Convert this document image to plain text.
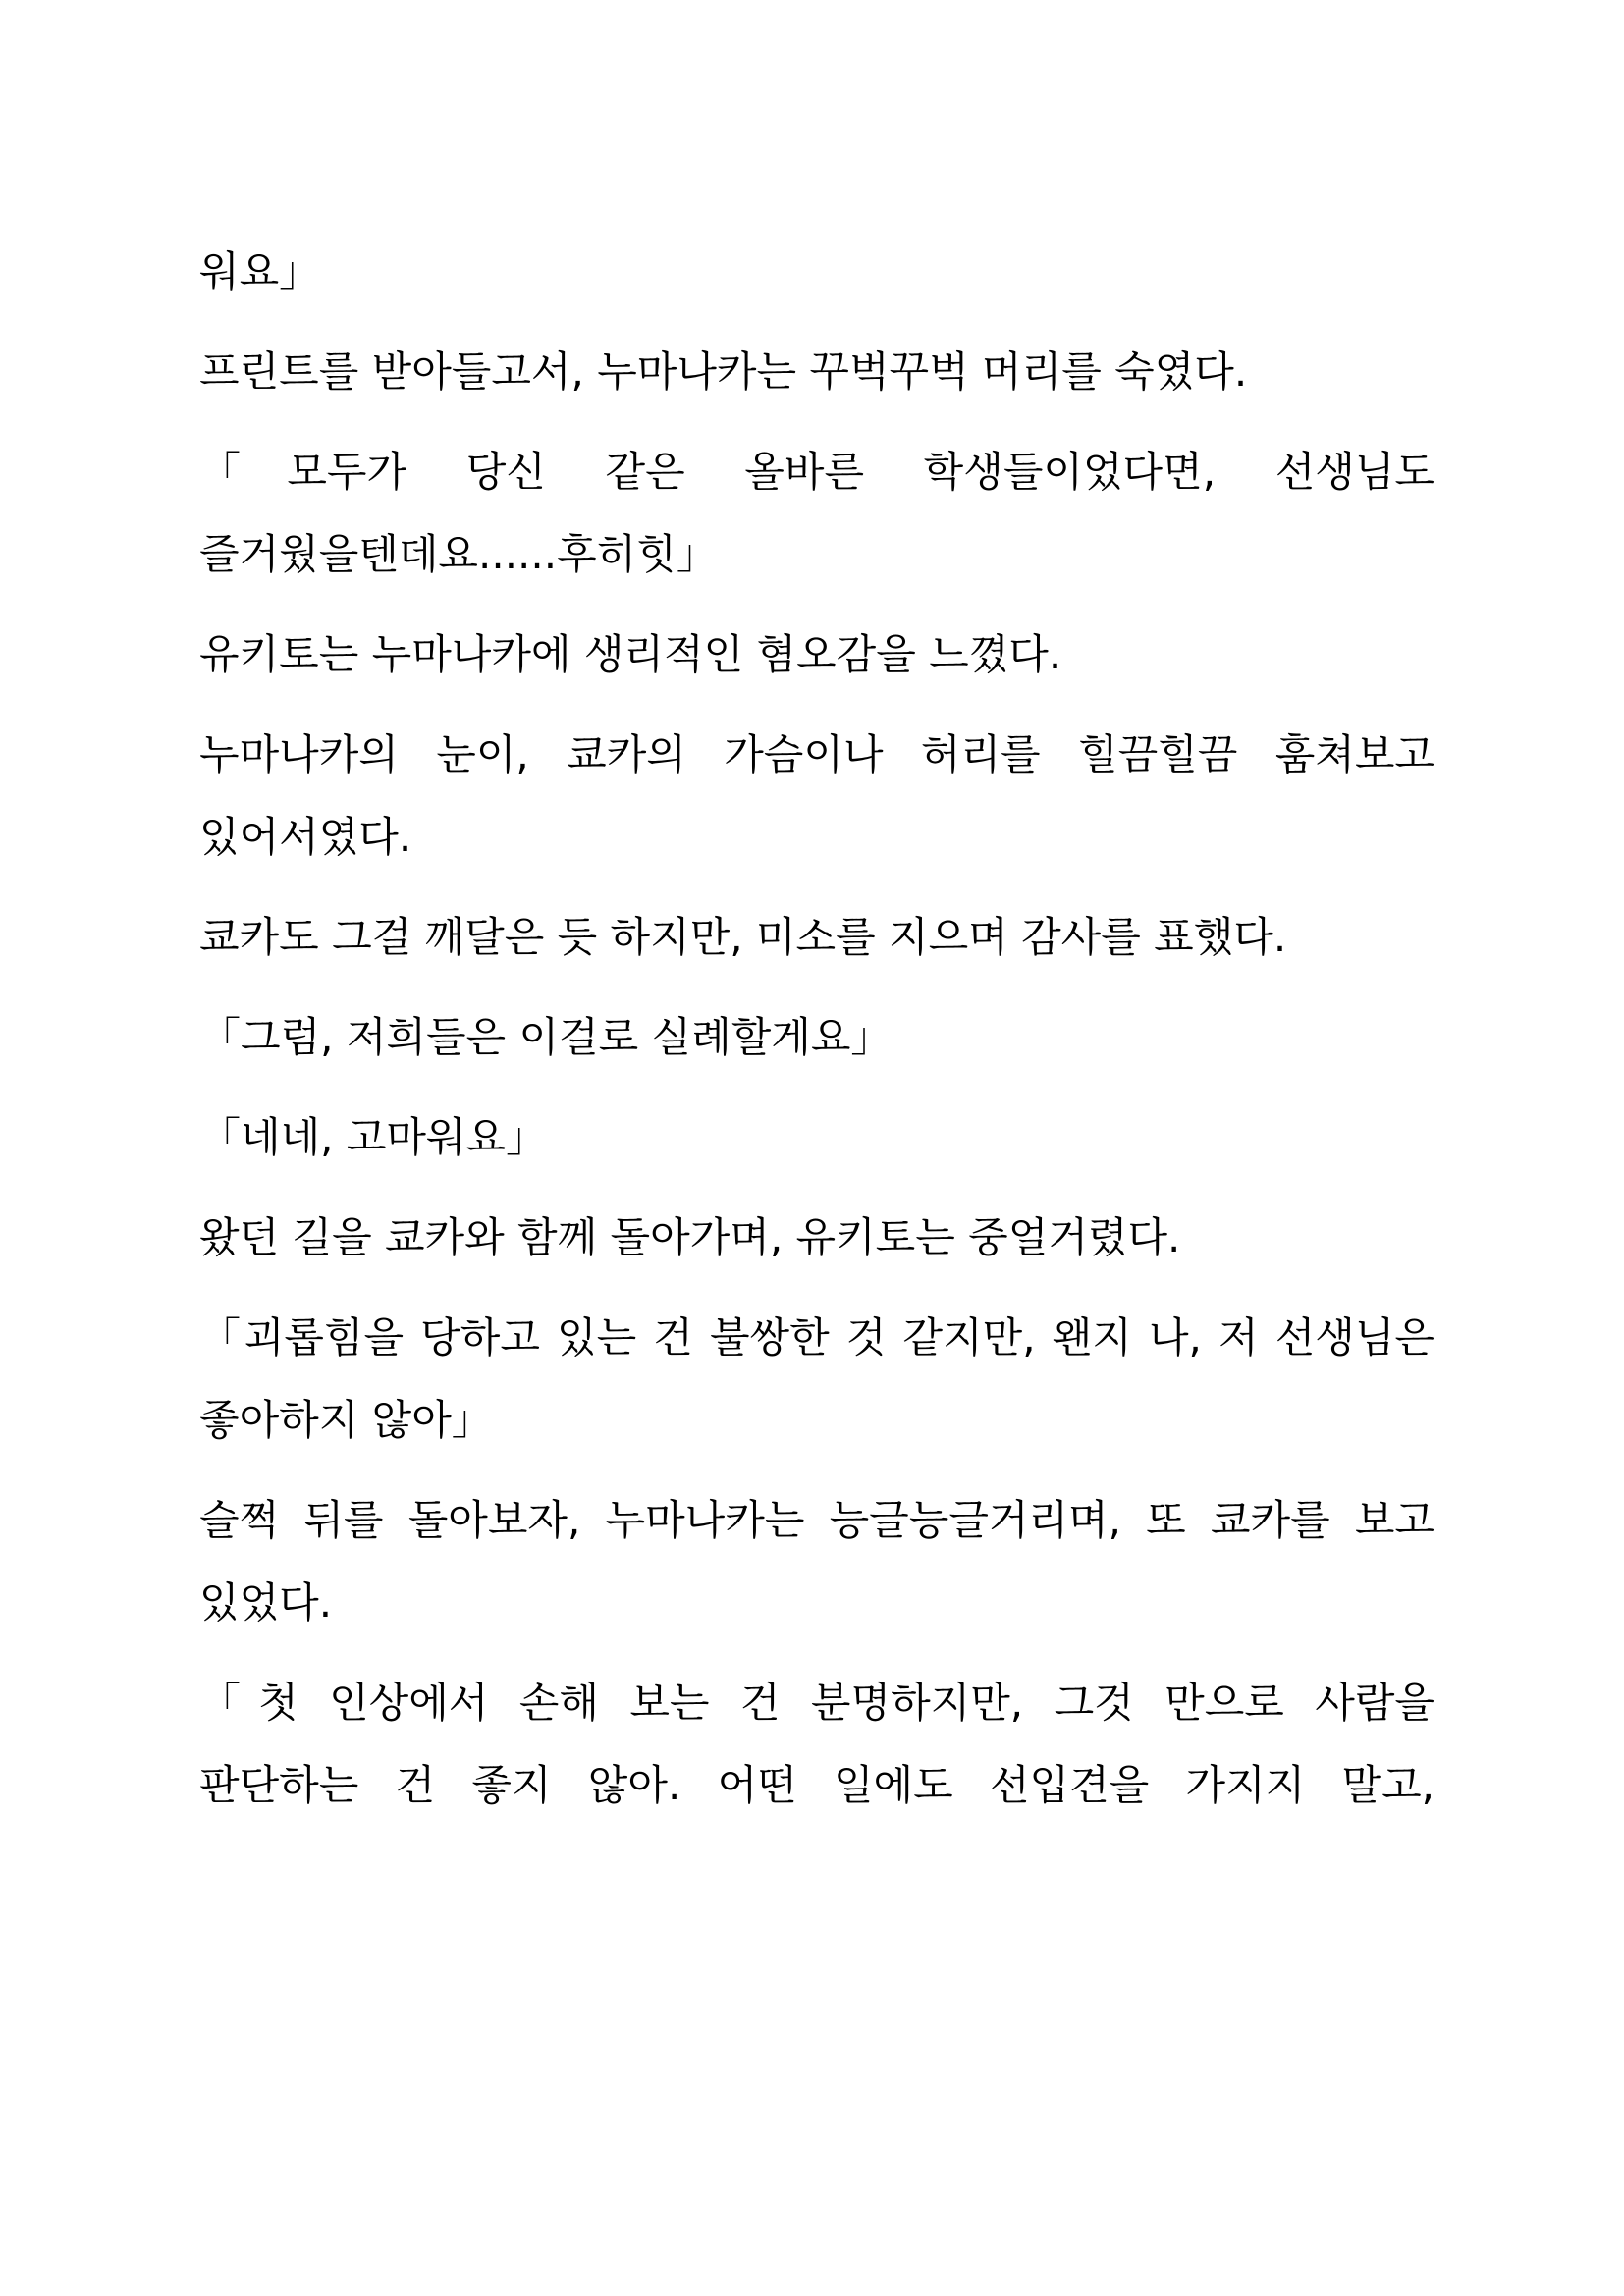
워요」

프린트를 받아들고서, 누마나카는 꾸벅꾸벅 머리를 숙였다.

「모두가 당신 같은 올바른 학생들이었다면, 선생님도 즐거웠을텐데요......후히힛」

유키토는 누마나카에 생리적인 혐오감을 느꼈다.

누마나카의 눈이, 쿄카의 가슴이나 허리를 힐끔힐끔 훔쳐보고 있어서였다.

쿄카도 그걸 깨달은 듯 하지만, 미소를 지으며 감사를 표했다.

「그럼, 저희들은 이걸로 실례할게요」

「네네, 고마워요」

왔던 길을 쿄카와 함께 돌아가며, 유키토는 중얼거렸다.

「괴롭힘을 당하고 있는 건 불쌍한 것 같지만, 왠지 나, 저 선생님은 좋아하지 않아」

슬쩍 뒤를 돌아보자, 누마나카는 능글능글거리며, 또 쿄카를 보고 있었다.

「첫 인상에서 손해 보는 건 분명하지만, 그것 만으로 사람을 판단하는 건 좋지 않아. 어떤 일에도 선입견을 가지지 말고,
